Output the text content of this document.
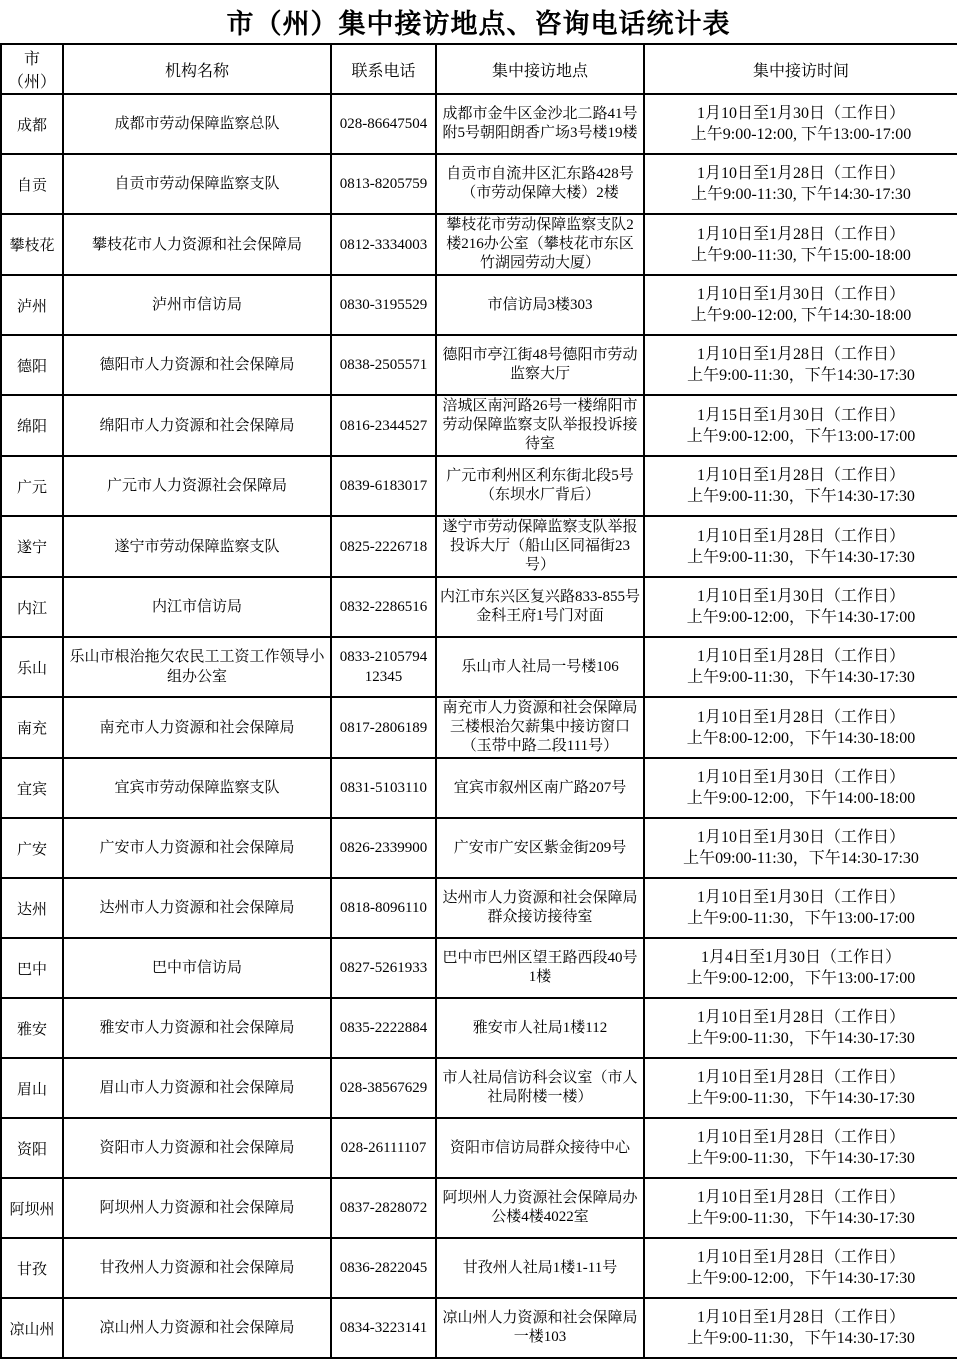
市（州）集中接访地点、咨询电话统计表
市（州）	机构名称	联系电话	集中接访地点	集中接访时间
成都	成都市劳动保障监察总队	028-86647504	成都市金牛区金沙北二路41号附5号朝阳朗香广场3号楼19楼	1月10日至1月30日（工作日）
上午9:00-12:00, 下午13:00-17:00

自贡	自贡市劳动保障监察支队	0813-8205759	自贡市自流井区汇东路428号（市劳动保障大楼）2楼	1月10日至1月28日（工作日）
上午9:00-11:30, 下午14:30-17:30

攀枝花	攀枝花市人力资源和社会保障局	0812-3334003	攀枝花市劳动保障监察支队2楼216办公室（攀枝花市东区竹湖园劳动大厦）	1月10日至1月28日（工作日）
上午9:00-11:30, 下午15:00-18:00

泸州	泸州市信访局	0830-3195529	市信访局3楼303	1月10日至1月30日（工作日）
上午9:00-12:00, 下午14:30-18:00

德阳	德阳市人力资源和社会保障局	0838-2505571	德阳市亭江街48号德阳市劳动监察大厅	1月10日至1月28日（工作日）
上午9:00-11:30，下午14:30-17:30

绵阳	绵阳市人力资源和社会保障局	0816-2344527	涪城区南河路26号一楼绵阳市劳动保障监察支队举报投诉接待室	1月15日至1月30日（工作日）
上午9:00-12:00，下午13:00-17:00

广元	广元市人力资源社会保障局	0839-6183017	广元市利州区利东街北段5号（东坝水厂背后）	1月10日至1月28日（工作日）
上午9:00-11:30，下午14:30-17:30

遂宁	遂宁市劳动保障监察支队	0825-2226718	遂宁市劳动保障监察支队举报投诉大厅（船山区同福街23号）	1月10日至1月28日（工作日）
上午9:00-11:30，下午14:30-17:30

内江	内江市信访局	0832-2286516	内江市东兴区复兴路833-855号金科王府1号门对面	1月10日至1月30日（工作日）
上午9:00-12:00，下午14:30-17:00

乐山	乐山市根治拖欠农民工工资工作领导小组办公室	0833-2105794 12345	乐山市人社局一号楼106	1月10日至1月28日（工作日）
上午9:00-11:30，下午14:30-17:30

南充	南充市人力资源和社会保障局	0817-2806189	南充市人力资源和社会保障局三楼根治欠薪集中接访窗口（玉带中路二段111号）	1月10日至1月28日（工作日）
上午8:00-12:00，下午14:30-18:00

宜宾	宜宾市劳动保障监察支队	0831-5103110	宜宾市叙州区南广路207号	1月10日至1月30日（工作日）
上午9:00-12:00，下午14:00-18:00

广安	广安市人力资源和社会保障局	0826-2339900	广安市广安区紫金街209号	1月10日至1月30日（工作日）
上午09:00-11:30，下午14:30-17:30

达州	达州市人力资源和社会保障局	0818-8096110	达州市人力资源和社会保障局群众接访接待室	1月10日至1月30日（工作日）
上午9:00-11:30，下午13:00-17:00

巴中	巴中市信访局	0827-5261933	巴中市巴州区望王路西段40号1楼	1月4日至1月30日（工作日）
上午9:00-12:00，下午13:00-17:00

雅安	雅安市人力资源和社会保障局	0835-2222884	雅安市人社局1楼112	1月10日至1月28日（工作日）
上午9:00-11:30，下午14:30-17:30

眉山	眉山市人力资源和社会保障局	028-38567629	市人社局信访科会议室（市人社局附楼一楼）	1月10日至1月28日（工作日）
上午9:00-11:30，下午14:30-17:30

资阳	资阳市人力资源和社会保障局	028-26111107	资阳市信访局群众接待中心	1月10日至1月28日（工作日）
上午9:00-11:30，下午14:30-17:30

阿坝州	阿坝州人力资源和社会保障局	0837-2828072	阿坝州人力资源社会保障局办公楼4楼4022室	1月10日至1月28日（工作日）
上午9:00-11:30，下午14:30-17:30

甘孜	甘孜州人力资源和社会保障局	0836-2822045	甘孜州人社局1楼1-11号	1月10日至1月28日（工作日）
上午9:00-12:00，下午14:30-17:30

凉山州	凉山州人力资源和社会保障局	0834-3223141	凉山州人力资源和社会保障局一楼103	1月10日至1月28日（工作日）
上午9:00-11:30，下午14:30-17:30
